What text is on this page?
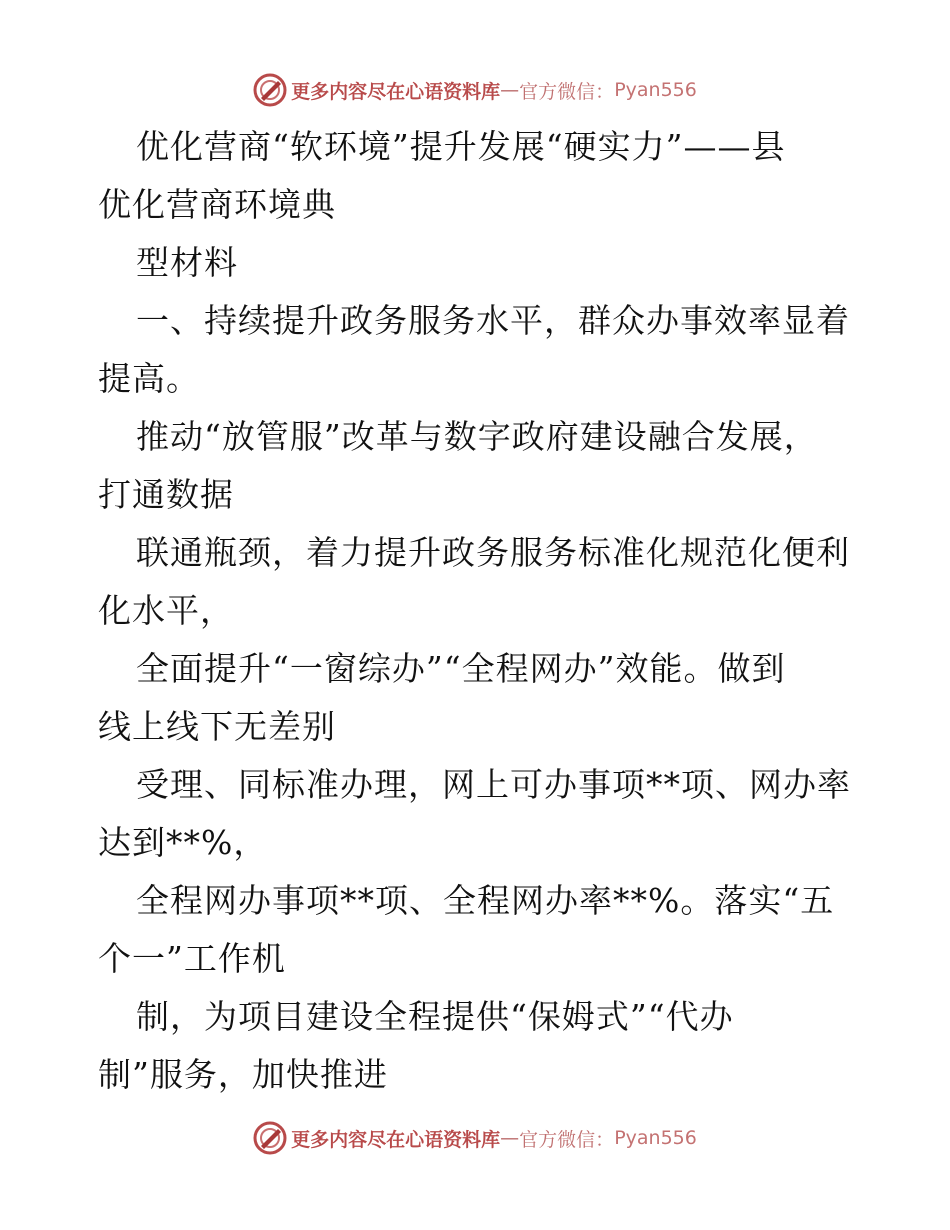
更多内容尽在心语资料库 — 官方微信： Pyan556
优化营商“软环境”提升发展“硬实力”——县
优化营商环境典
型材料
一、持续提升政务服务水平，群众办事效率显着
提高。
推动“放管服”改革与数字政府建设融合发展，
打通数据
联通瓶颈，着力提升政务服务标准化规范化便利
化水平，
全面提升“一窗综办”“全程网办”效能。做到
线上线下无差别
受理、同标准办理，网上可办事项**项、网办率
达到**%，
全程网办事项**项、全程网办率**%。落实“五
个一”工作机
制，为项目建设全程提供“保姆式”“代办
制”服务，加快推进
更多内容尽在心语资料库 — 官方微信： Pyan556
